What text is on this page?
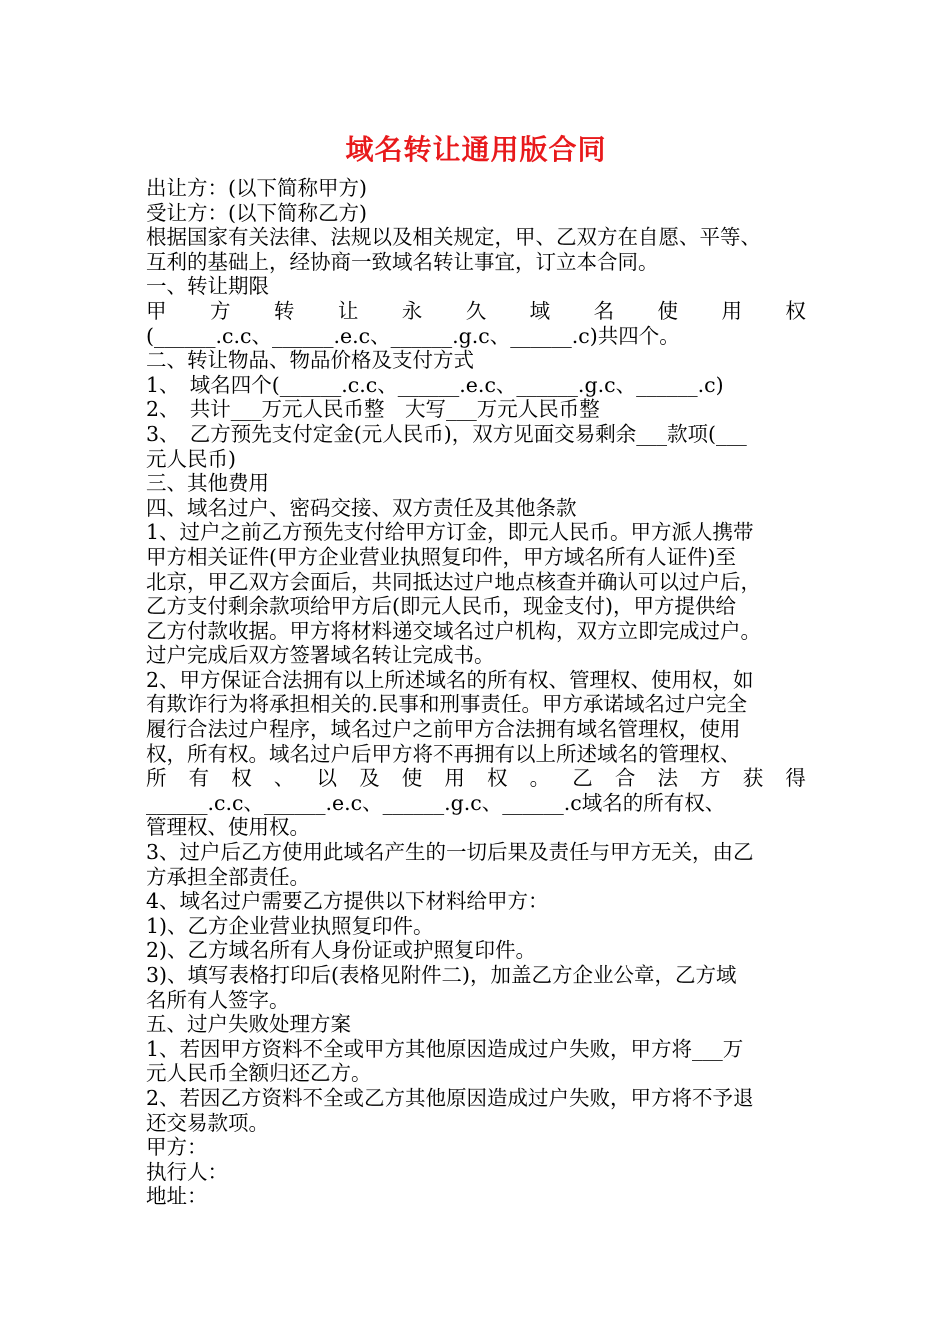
域名转让通用版合同
出让方：(以下简称甲方)
受让方：(以下简称乙方)
根据国家有关法律、法规以及相关规定，甲、乙双方在自愿、平等、
互利的基础上，经协商一致域名转让事宜，订立本合同。
一、转让期限
甲 方 转 让 永 久 域 名 使 用 权
(______.c.c、______.e.c、______.g.c、______.c)共四个。
二、转让物品、物品价格及支付方式
1、　域名四个(______.c.c、______.e.c、______.g.c、______.c)
2、　共计___万元人民币整　大写___万元人民币整
3、　乙方预先支付定金(元人民币)，双方见面交易剩余___款项(___
元人民币)
三、其他费用
四、域名过户、密码交接、双方责任及其他条款
1、过户之前乙方预先支付给甲方订金，即元人民币。甲方派人携带
甲方相关证件(甲方企业营业执照复印件，甲方域名所有人证件)至
北京，甲乙双方会面后，共同抵达过户地点核查并确认可以过户后，
乙方支付剩余款项给甲方后(即元人民币，现金支付)，甲方提供给
乙方付款收据。甲方将材料递交域名过户机构，双方立即完成过户。
过户完成后双方签署域名转让完成书。
2、甲方保证合法拥有以上所述域名的所有权、管理权、使用权，如
有欺诈行为将承担相关的.民事和刑事责任。甲方承诺域名过户完全
履行合法过户程序，域名过户之前甲方合法拥有域名管理权，使用
权，所有权。域名过户后甲方将不再拥有以上所述域名的管理权、
所 有 权 、 以 及 使 用 权 。 乙 合 法 方 获 得
______.c.c、______.e.c、______.g.c、______.c域名的所有权、
管理权、使用权。
3、过户后乙方使用此域名产生的一切后果及责任与甲方无关，由乙
方承担全部责任。
4、域名过户需要乙方提供以下材料给甲方：
1)、乙方企业营业执照复印件。
2)、乙方域名所有人身份证或护照复印件。
3)、填写表格打印后(表格见附件二)，加盖乙方企业公章，乙方域
名所有人签字。
五、过户失败处理方案
1、若因甲方资料不全或甲方其他原因造成过户失败，甲方将___万
元人民币全额归还乙方。
2、若因乙方资料不全或乙方其他原因造成过户失败，甲方将不予退
还交易款项。
甲方：
执行人：
地址：
